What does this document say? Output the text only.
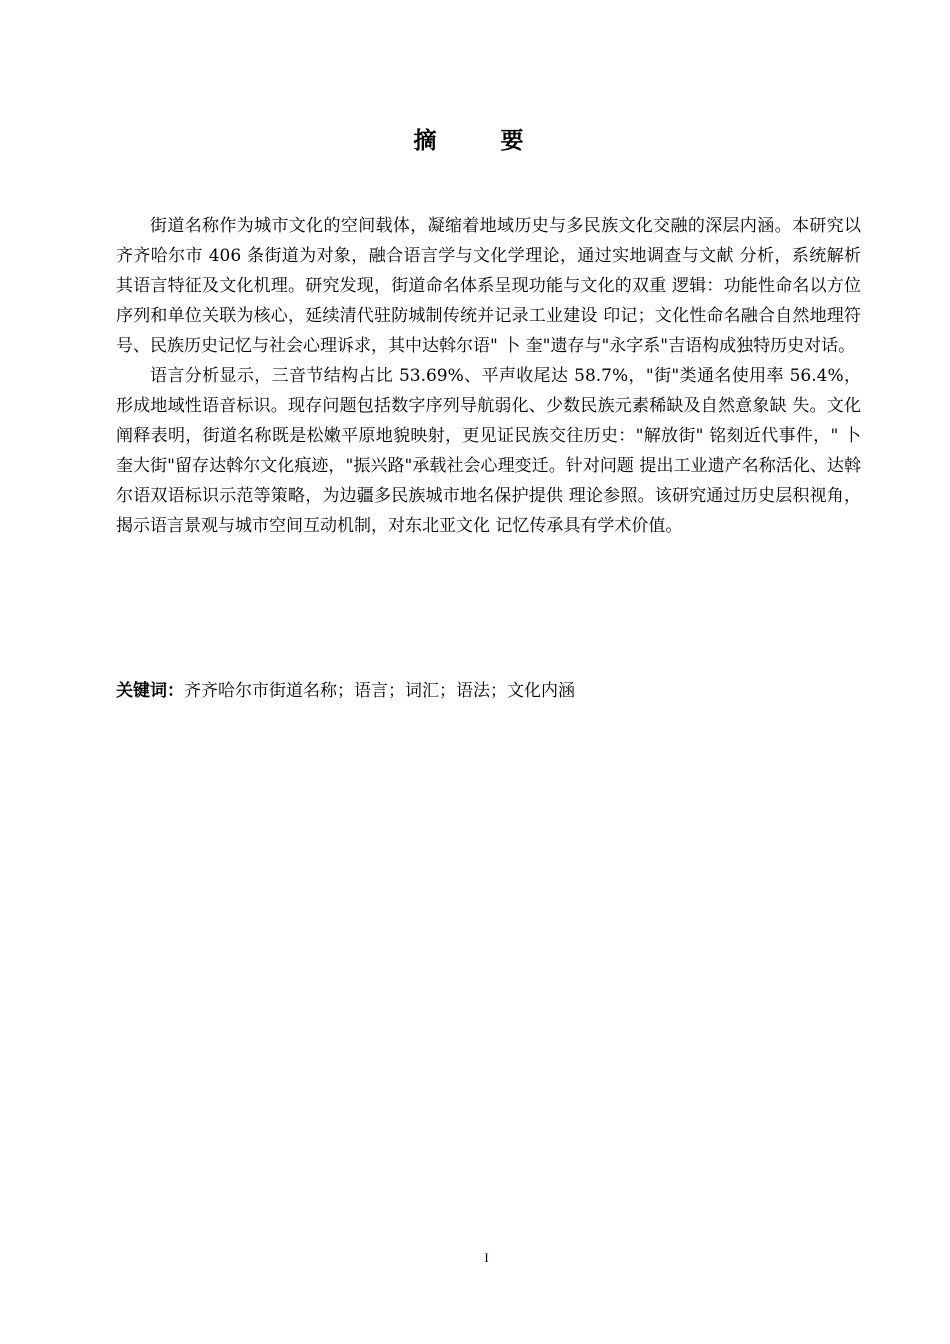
摘 要

街道名称作为城市文化的空间载体，凝缩着地域历史与多民族文化交融的深层内涵。本研究以齐齐哈尔市 406 条街道为对象，融合语言学与文化学理论，通过实地调查与文献 分析，系统解析其语言特征及文化机理。研究发现，街道命名体系呈现功能与文化的双重 逻辑：功能性命名以方位序列和单位关联为核心，延续清代驻防城制传统并记录工业建设 印记；文化性命名融合自然地理符号、民族历史记忆与社会心理诉求，其中达斡尔语" 卜 奎"遗存与"永字系"吉语构成独特历史对话。

语言分析显示，三音节结构占比 53.69%、平声收尾达 58.7%，"街"类通名使用率 56.4%， 形成地域性语音标识。现存问题包括数字序列导航弱化、少数民族元素稀缺及自然意象缺 失。文化阐释表明，街道名称既是松嫩平原地貌映射，更见证民族交往历史："解放街" 铭刻近代事件，" 卜奎大街"留存达斡尔文化痕迹，"振兴路"承载社会心理变迁。针对问题 提出工业遗产名称活化、达斡尔语双语标识示范等策略，为边疆多民族城市地名保护提供 理论参照。该研究通过历史层积视角，揭示语言景观与城市空间互动机制，对东北亚文化 记忆传承具有学术价值。

关键词：齐齐哈尔市街道名称；语言；词汇；语法；文化内涵

I
